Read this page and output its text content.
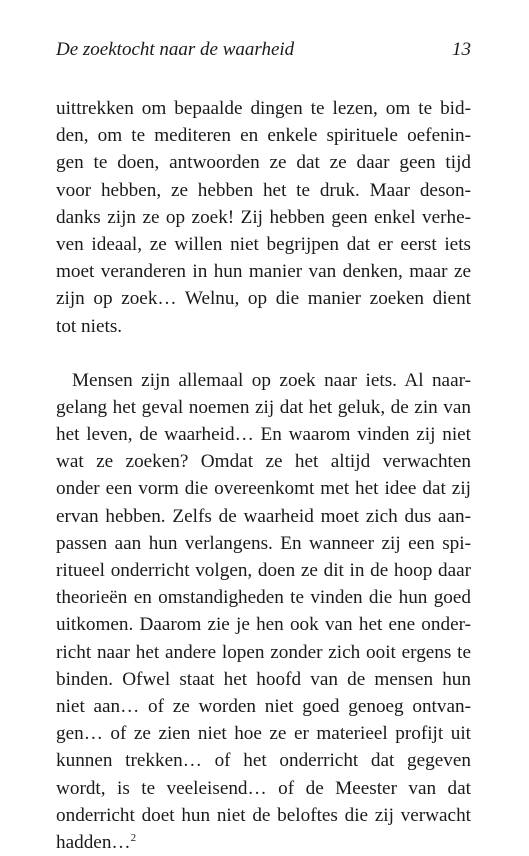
De zoektocht naar de waarheid	13

uittrekken om bepaalde dingen te lezen, om te bid-
den, om te mediteren en enkele spirituele oefenin-
gen te doen, antwoorden ze dat ze daar geen tijd
voor hebben, ze hebben het te druk. Maar deson-
danks zijn ze op zoek! Zij hebben geen enkel verhe-
ven ideaal, ze willen niet begrijpen dat er eerst iets
moet veranderen in hun manier van denken, maar ze
zijn op zoek… Welnu, op die manier zoeken dient
tot niets.

Mensen zijn allemaal op zoek naar iets. Al naar-
gelang het geval noemen zij dat het geluk, de zin van
het leven, de waarheid… En waarom vinden zij niet
wat ze zoeken? Omdat ze het altijd verwachten
onder een vorm die overeenkomt met het idee dat zij
ervan hebben. Zelfs de waarheid moet zich dus aan-
passen aan hun verlangens. En wanneer zij een spi-
ritueel onderricht volgen, doen ze dit in de hoop daar
theorieën en omstandigheden te vinden die hun goed
uitkomen. Daarom zie je hen ook van het ene onder-
richt naar het andere lopen zonder zich ooit ergens te
binden. Ofwel staat het hoofd van de mensen hun
niet aan… of ze worden niet goed genoeg ontvan-
gen… of ze zien niet hoe ze er materieel profijt uit
kunnen trekken… of het onderricht dat gegeven
wordt, is te veeleisend… of de Meester van dat
onderricht doet hun niet de beloftes die zij verwacht
hadden…$^2$
